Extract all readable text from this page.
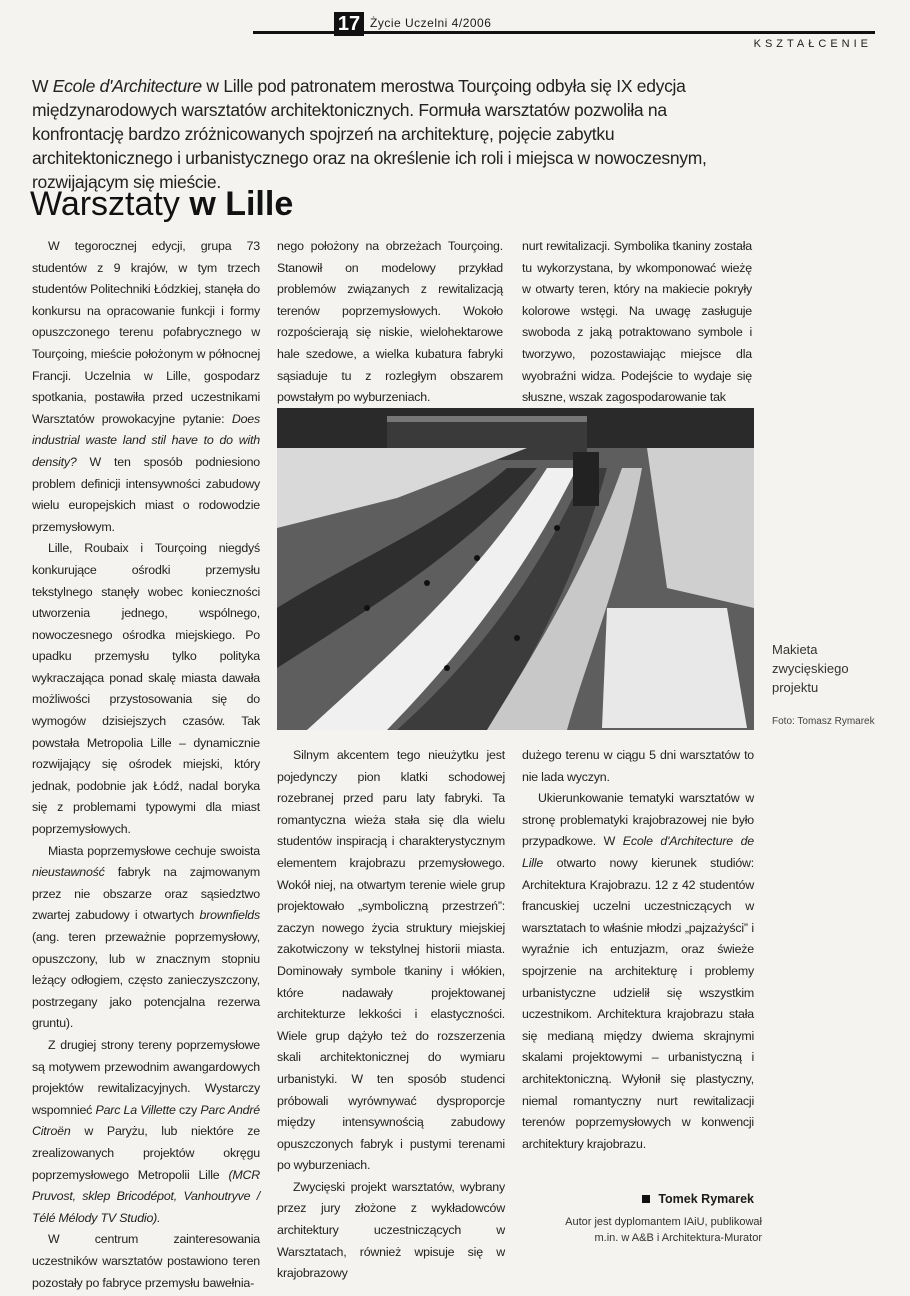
17 Życie Uczelni 4/2006
KSZTAŁCENIE
W Ecole d'Architecture w Lille pod patronatem merostwa Tourçoing odbyła się IX edycja międzynarodowych warsztatów architektonicznych. Formuła warsztatów pozwoliła na konfrontację bardzo zróżnicowanych spojrzeń na architekturę, pojęcie zabytku architektonicznego i urbanistycznego oraz na określenie ich roli i miejsca w nowoczesnym, rozwijającym się mieście.
Warsztaty w Lille

W tegorocznej edycji, grupa 73 studentów z 9 krajów, w tym trzech studentów Politechniki Łódzkiej, stanęła do konkursu na opracowanie funkcji i formy opuszczonego terenu pofabrycznego w Tourçoing, mieście położonym w północnej Francji. Uczelnia w Lille, gospodarz spotkania, postawiła przed uczestnikami Warsztatów prowokacyjne pytanie: Does industrial waste land stil have to do with density? W ten sposób podniesiono problem definicji intensywności zabudowy wielu europejskich miast o rodowodzie przemysłowym.

Lille, Roubaix i Tourçoing niegdyś konkurujące ośrodki przemysłu tekstylnego stanęły wobec konieczności utworzenia jednego, wspólnego, nowoczesnego ośrodka miejskiego. Po upadku przemysłu tylko polityka wykraczająca ponad skalę miasta dawała możliwości przystosowania się do wymogów dzisiejszych czasów. Tak powstała Metropolia Lille – dynamicznie rozwijający się ośrodek miejski, który jednak, podobnie jak Łódź, nadal boryka się z problemami typowymi dla miast poprzemysłowych.

Miasta poprzemysłowe cechuje swoista nieustawność fabryk na zajmowanym przez nie obszarze oraz sąsiedztwo zwartej zabudowy i otwartych brownfields (ang. teren przeważnie poprzemysłowy, opuszczony, lub w znacznym stopniu leżący odłogiem, często zanieczyszczony, postrzegany jako potencjalna rezerwa gruntu).

Z drugiej strony tereny poprzemysłowe są motywem przewodnim awangardowych projektów rewitalizacyjnych. Wystarczy wspomnieć Parc La Villette czy Parc André Citroën w Paryżu, lub niektóre ze zrealizowanych projektów okręgu poprzemysłowego Metropolii Lille (MCR Pruvost, sklep Bricodépot, Vanhoutryve / Télé Mélody TV Studio).

W centrum zainteresowania uczestników warsztatów postawiono teren pozostały po fabryce przemysłu bawełnia-

nego położony na obrzeżach Tourçoing. Stanowił on modelowy przykład problemów związanych z rewitalizacją terenów poprzemysłowych. Wokoło rozpościerają się niskie, wielohektarowe hale szedowe, a wielka kubatura fabryki sąsiaduje tu z rozległym obszarem powstałym po wyburzeniach.

nurt rewitalizacji. Symbolika tkaniny została tu wykorzystana, by wkomponować wieżę w otwarty teren, który na makiecie pokryły kolorowe wstęgi. Na uwagę zasługuje swoboda z jaką potraktowano symbole i tworzywo, pozostawiając miejsce dla wyobraźni widza. Podejście to wydaje się słuszne, wszak zagospodarowanie tak

Makieta
zwycięskiego
projektu
Foto: Tomasz Rymarek

Silnym akcentem tego nieużytku jest pojedynczy pion klatki schodowej rozebranej przed paru laty fabryki. Ta romantyczna wieża stała się dla wielu studentów inspiracją i charakterystycznym elementem krajobrazu przemysłowego. Wokół niej, na otwartym terenie wiele grup projektowało „symboliczną przestrzeń”: zaczyn nowego życia struktury miejskiej zakotwiczony w tekstylnej historii miasta. Dominowały symbole tkaniny i włókien, które nadawały projektowanej architekturze lekkości i elastyczności. Wiele grup dążyło też do rozszerzenia skali architektonicznej do wymiaru urbanistyki. W ten sposób studenci próbowali wyrównywać dysproporcje między intensywnością zabudowy opuszczonych fabryk i pustymi terenami po wyburzeniach.

Zwycięski projekt warsztatów, wybrany przez jury złożone z wykładowców architektury uczestniczących w Warsztatach, również wpisuje się w krajobrazowy

dużego terenu w ciągu 5 dni warsztatów to nie lada wyczyn.

Ukierunkowanie tematyki warsztatów w stronę problematyki krajobrazowej nie było przypadkowe. W Ecole d'Architecture de Lille otwarto nowy kierunek studiów: Architektura Krajobrazu. 12 z 42 studentów francuskiej uczelni uczestniczących w warsztatach to właśnie młodzi „pajzażyści” i wyraźnie ich entuzjazm, oraz świeże spojrzenie na architekturę i problemy urbanistyczne udzielił się wszystkim uczestnikom. Architektura krajobrazu stała się medianą między dwiema skrajnymi skalami projektowymi – urbanistyczną i architektoniczną. Wyłonił się plastyczny, niemal romantyczny nurt rewitalizacji terenów poprzemysłowych w konwencji architektury krajobrazu.

Tomek Rymarek
Autor jest dyplomantem IAiU, publikował
m.in. w A&B i Architektura-Murator
